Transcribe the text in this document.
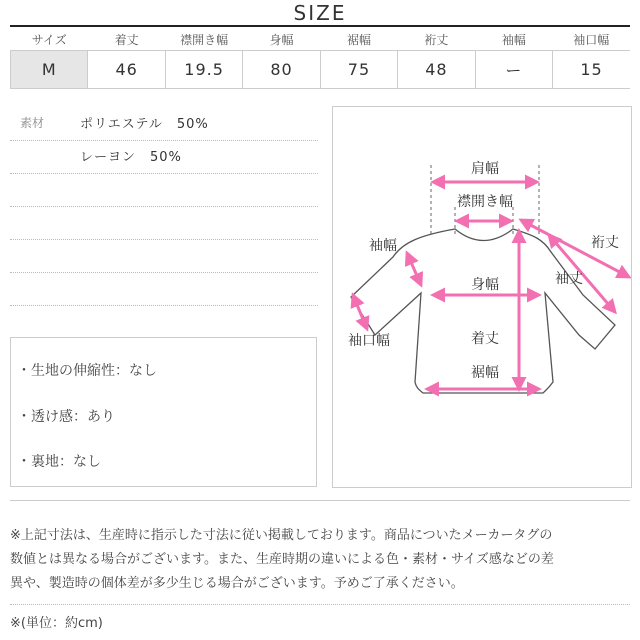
SIZE
サイズ	着丈	襟開き幅	身幅	裾幅	裄丈	袖幅	袖口幅
M	46	19.5	80	75	48	ー	15
素材	ポリエステル　50%
レーヨン　50%
・生地の伸縮性：なし
・透け感：あり
・裏地：なし
肩幅
襟開き幅
裄丈
袖丈
袖幅
身幅
袖口幅	着丈
裾幅
※上記寸法は、生産時に指示した寸法に従い掲載しております。商品についたメーカータグの
数値とは異なる場合がございます。また、生産時期の違いによる色・素材・サイズ感などの差
異や、製造時の個体差が多少生じる場合がございます。予めご了承ください。
※(単位：約cm)
